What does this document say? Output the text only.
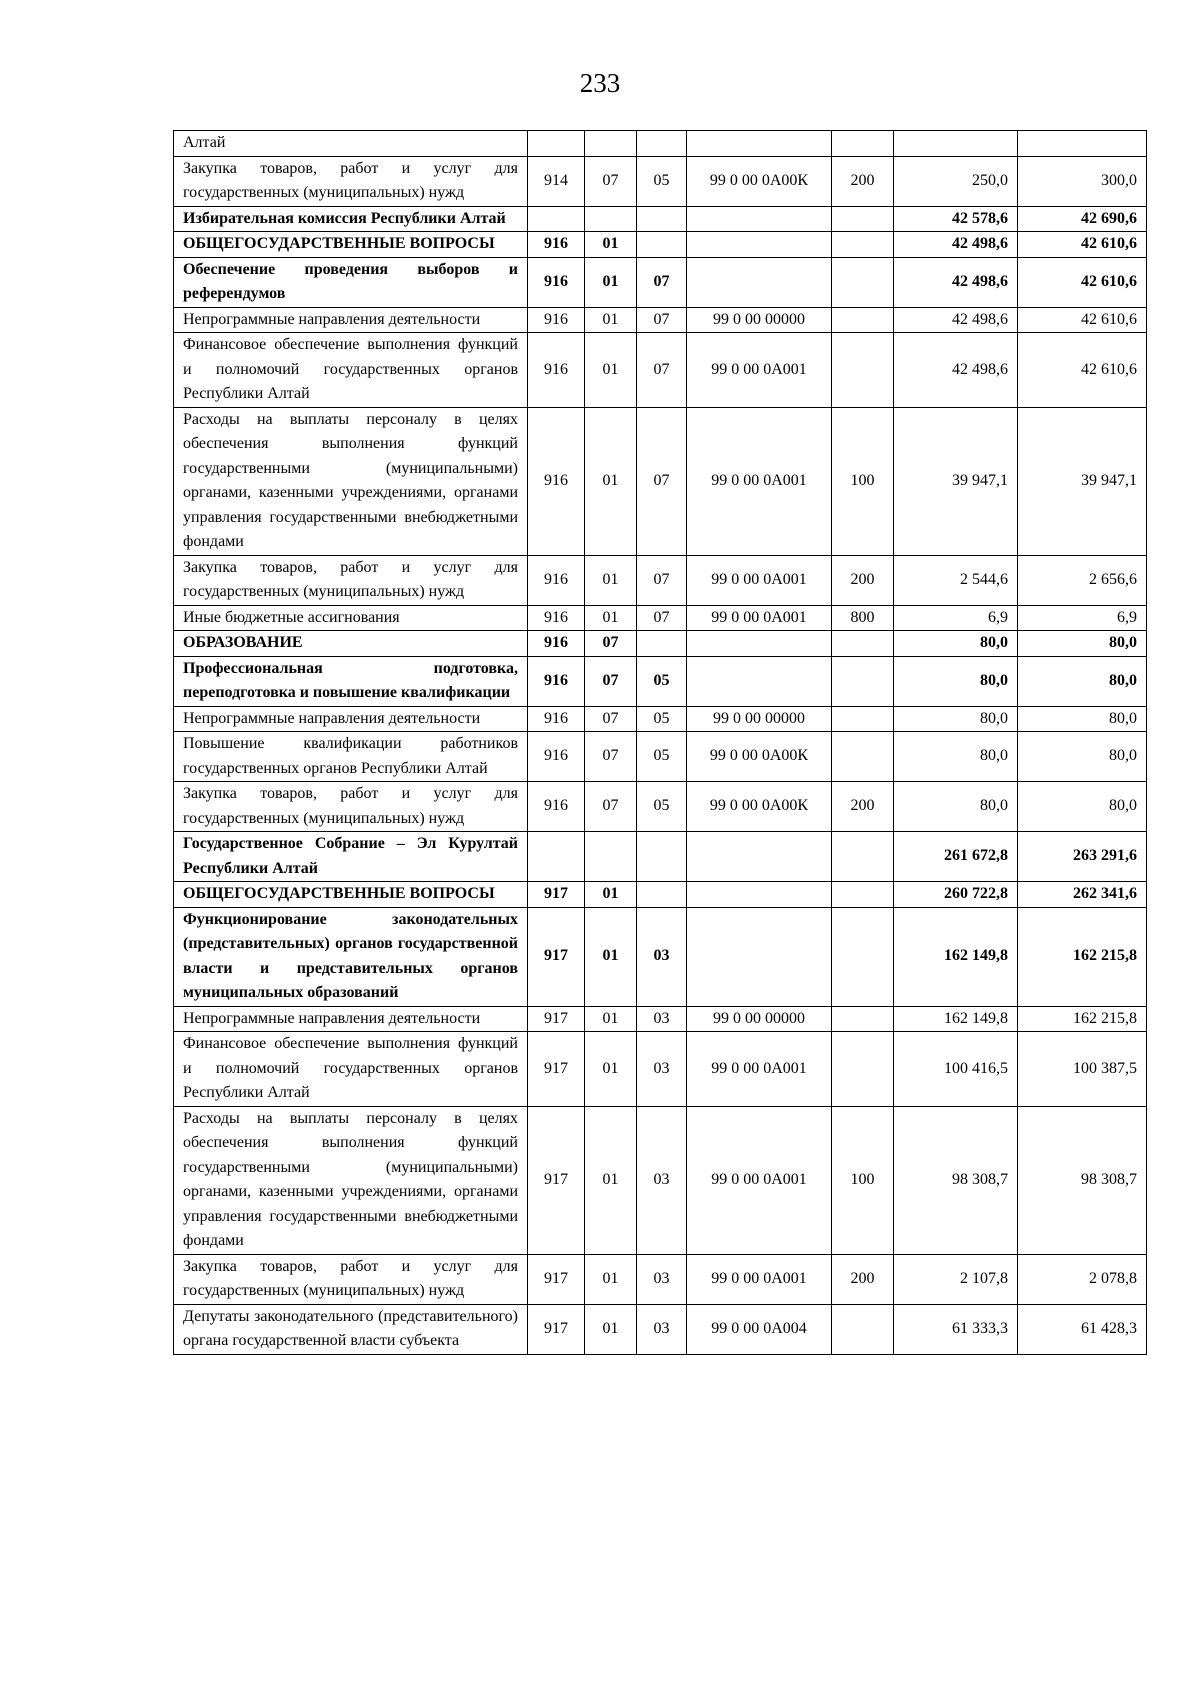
233
Алтай							
Закупка товаров, работ и услуг для государственных (муниципальных) нужд	914	07	05	99 0 00 0А00К	200	250,0	300,0
Избирательная комиссия Республики Алтай						42 578,6	42 690,6
ОБЩЕГОСУДАРСТВЕННЫЕ ВОПРОСЫ	916	01				42 498,6	42 610,6
Обеспечение проведения выборов и референдумов	916	01	07			42 498,6	42 610,6
Непрограммные направления деятельности	916	01	07	99 0 00 00000		42 498,6	42 610,6
Финансовое обеспечение выполнения функций и полномочий государственных органов Республики Алтай	916	01	07	99 0 00 0А001		42 498,6	42 610,6
Расходы на выплаты персоналу в целях обеспечения выполнения функций государственными (муниципальными) органами, казенными учреждениями, органами управления государственными внебюджетными фондами	916	01	07	99 0 00 0А001	100	39 947,1	39 947,1
Закупка товаров, работ и услуг для государственных (муниципальных) нужд	916	01	07	99 0 00 0А001	200	2 544,6	2 656,6
Иные бюджетные ассигнования	916	01	07	99 0 00 0А001	800	6,9	6,9
ОБРАЗОВАНИЕ	916	07				80,0	80,0
Профессиональная подготовка, переподготовка и повышение квалификации	916	07	05			80,0	80,0
Непрограммные направления деятельности	916	07	05	99 0 00 00000		80,0	80,0
Повышение квалификации работников государственных органов Республики Алтай	916	07	05	99 0 00 0А00К		80,0	80,0
Закупка товаров, работ и услуг для государственных (муниципальных) нужд	916	07	05	99 0 00 0А00К	200	80,0	80,0
Государственное Собрание – Эл Курултай Республики Алтай						261 672,8	263 291,6
ОБЩЕГОСУДАРСТВЕННЫЕ ВОПРОСЫ	917	01				260 722,8	262 341,6
Функционирование законодательных (представительных) органов государственной власти и представительных органов муниципальных образований	917	01	03			162 149,8	162 215,8
Непрограммные направления деятельности	917	01	03	99 0 00 00000		162 149,8	162 215,8
Финансовое обеспечение выполнения функций и полномочий государственных органов Республики Алтай	917	01	03	99 0 00 0А001		100 416,5	100 387,5
Расходы на выплаты персоналу в целях обеспечения выполнения функций государственными (муниципальными) органами, казенными учреждениями, органами управления государственными внебюджетными фондами	917	01	03	99 0 00 0А001	100	98 308,7	98 308,7
Закупка товаров, работ и услуг для государственных (муниципальных) нужд	917	01	03	99 0 00 0А001	200	2 107,8	2 078,8
Депутаты законодательного (представительного) органа государственной власти субъекта	917	01	03	99 0 00 0А004		61 333,3	61 428,3
